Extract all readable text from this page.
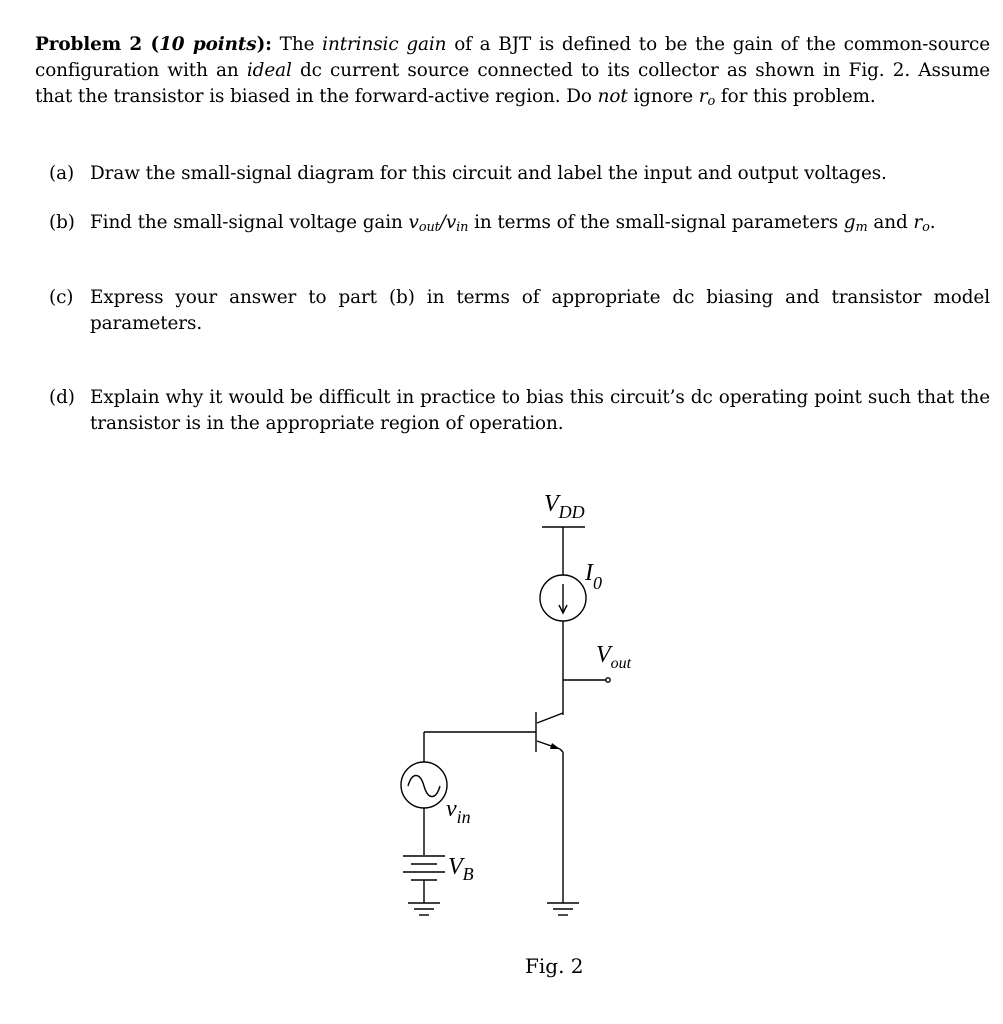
Problem 2 (10 points): The intrinsic gain of a BJT is defined to be the gain of the common-source configuration with an ideal dc current source connected to its collector as shown in Fig. 2. Assume that the transistor is biased in the forward-active region. Do not ignore $r_o$ for this problem.
(a) Draw the small-signal diagram for this circuit and label the input and output voltages.
(b) Find the small-signal voltage gain $v_{out}/v_{in}$ in terms of the small-signal parameters $g_m$ and $r_o$.
(c) Express your answer to part (b) in terms of appropriate dc biasing and transistor model parameters.
(d) Explain why it would be difficult in practice to bias this circuit’s dc operating point such that the transistor is in the appropriate region of operation.
$V_{DD}$
$I_0$
$V_{out}$
$v_{in}$
$V_B$
Fig. 2
